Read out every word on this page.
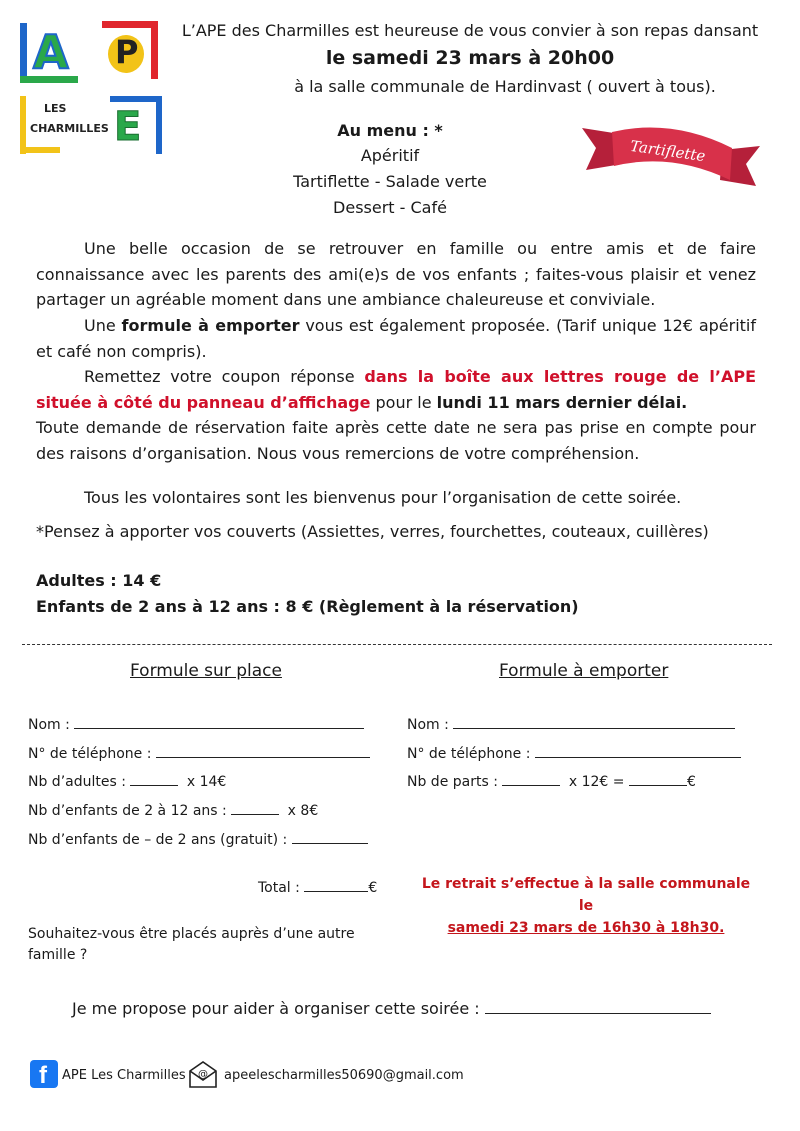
A P
LES
CHARMILLES E
L’APE des Charmilles est heureuse de vous convier à son repas dansant
le samedi 23 mars à 20h00
à la salle communale de Hardinvast ( ouvert à tous).
Au menu : *
Apéritif
Tartiflette - Salade verte
Dessert - Café
Tartiflette
Une belle occasion de se retrouver en famille ou entre amis et de faire connaissance avec les parents des ami(e)s de vos enfants ; faites-vous plaisir et venez partager un agréable moment dans une ambiance chaleureuse et conviviale.
Une formule à emporter vous est également proposée. (Tarif unique 12€ apéritif et café non compris).
Remettez votre coupon réponse dans la boîte aux lettres rouge de l’APE située à côté du panneau d’affichage pour le lundi 11 mars dernier délai.
Toute demande de réservation faite après cette date ne sera pas prise en compte pour des raisons d’organisation. Nous vous remercions de votre compréhension.
Tous les volontaires sont les bienvenus pour l’organisation de cette soirée.
*Pensez à apporter vos couverts (Assiettes, verres, fourchettes, couteaux, cuillères)
Adultes : 14 €
Enfants de 2 ans à 12 ans : 8 € (Règlement à la réservation)
Formule sur place	Formule à emporter
Nom :
N° de téléphone :
Nb d’adultes :	x 14€
Nb d’enfants de 2 à 12 ans :	x 8€
Nb d’enfants de – de 2 ans (gratuit) :
Total :	€
Souhaitez-vous être placés auprès d’une autre famille ?
Nom :
N° de téléphone :
Nb de parts :	x 12€ =	€
Le retrait s’effectue à la salle communale le
samedi 23 mars de 16h30 à 18h30.
Je me propose pour aider à organiser cette soirée :
f APE Les Charmilles @ apeelescharmilles50690@gmail.com
